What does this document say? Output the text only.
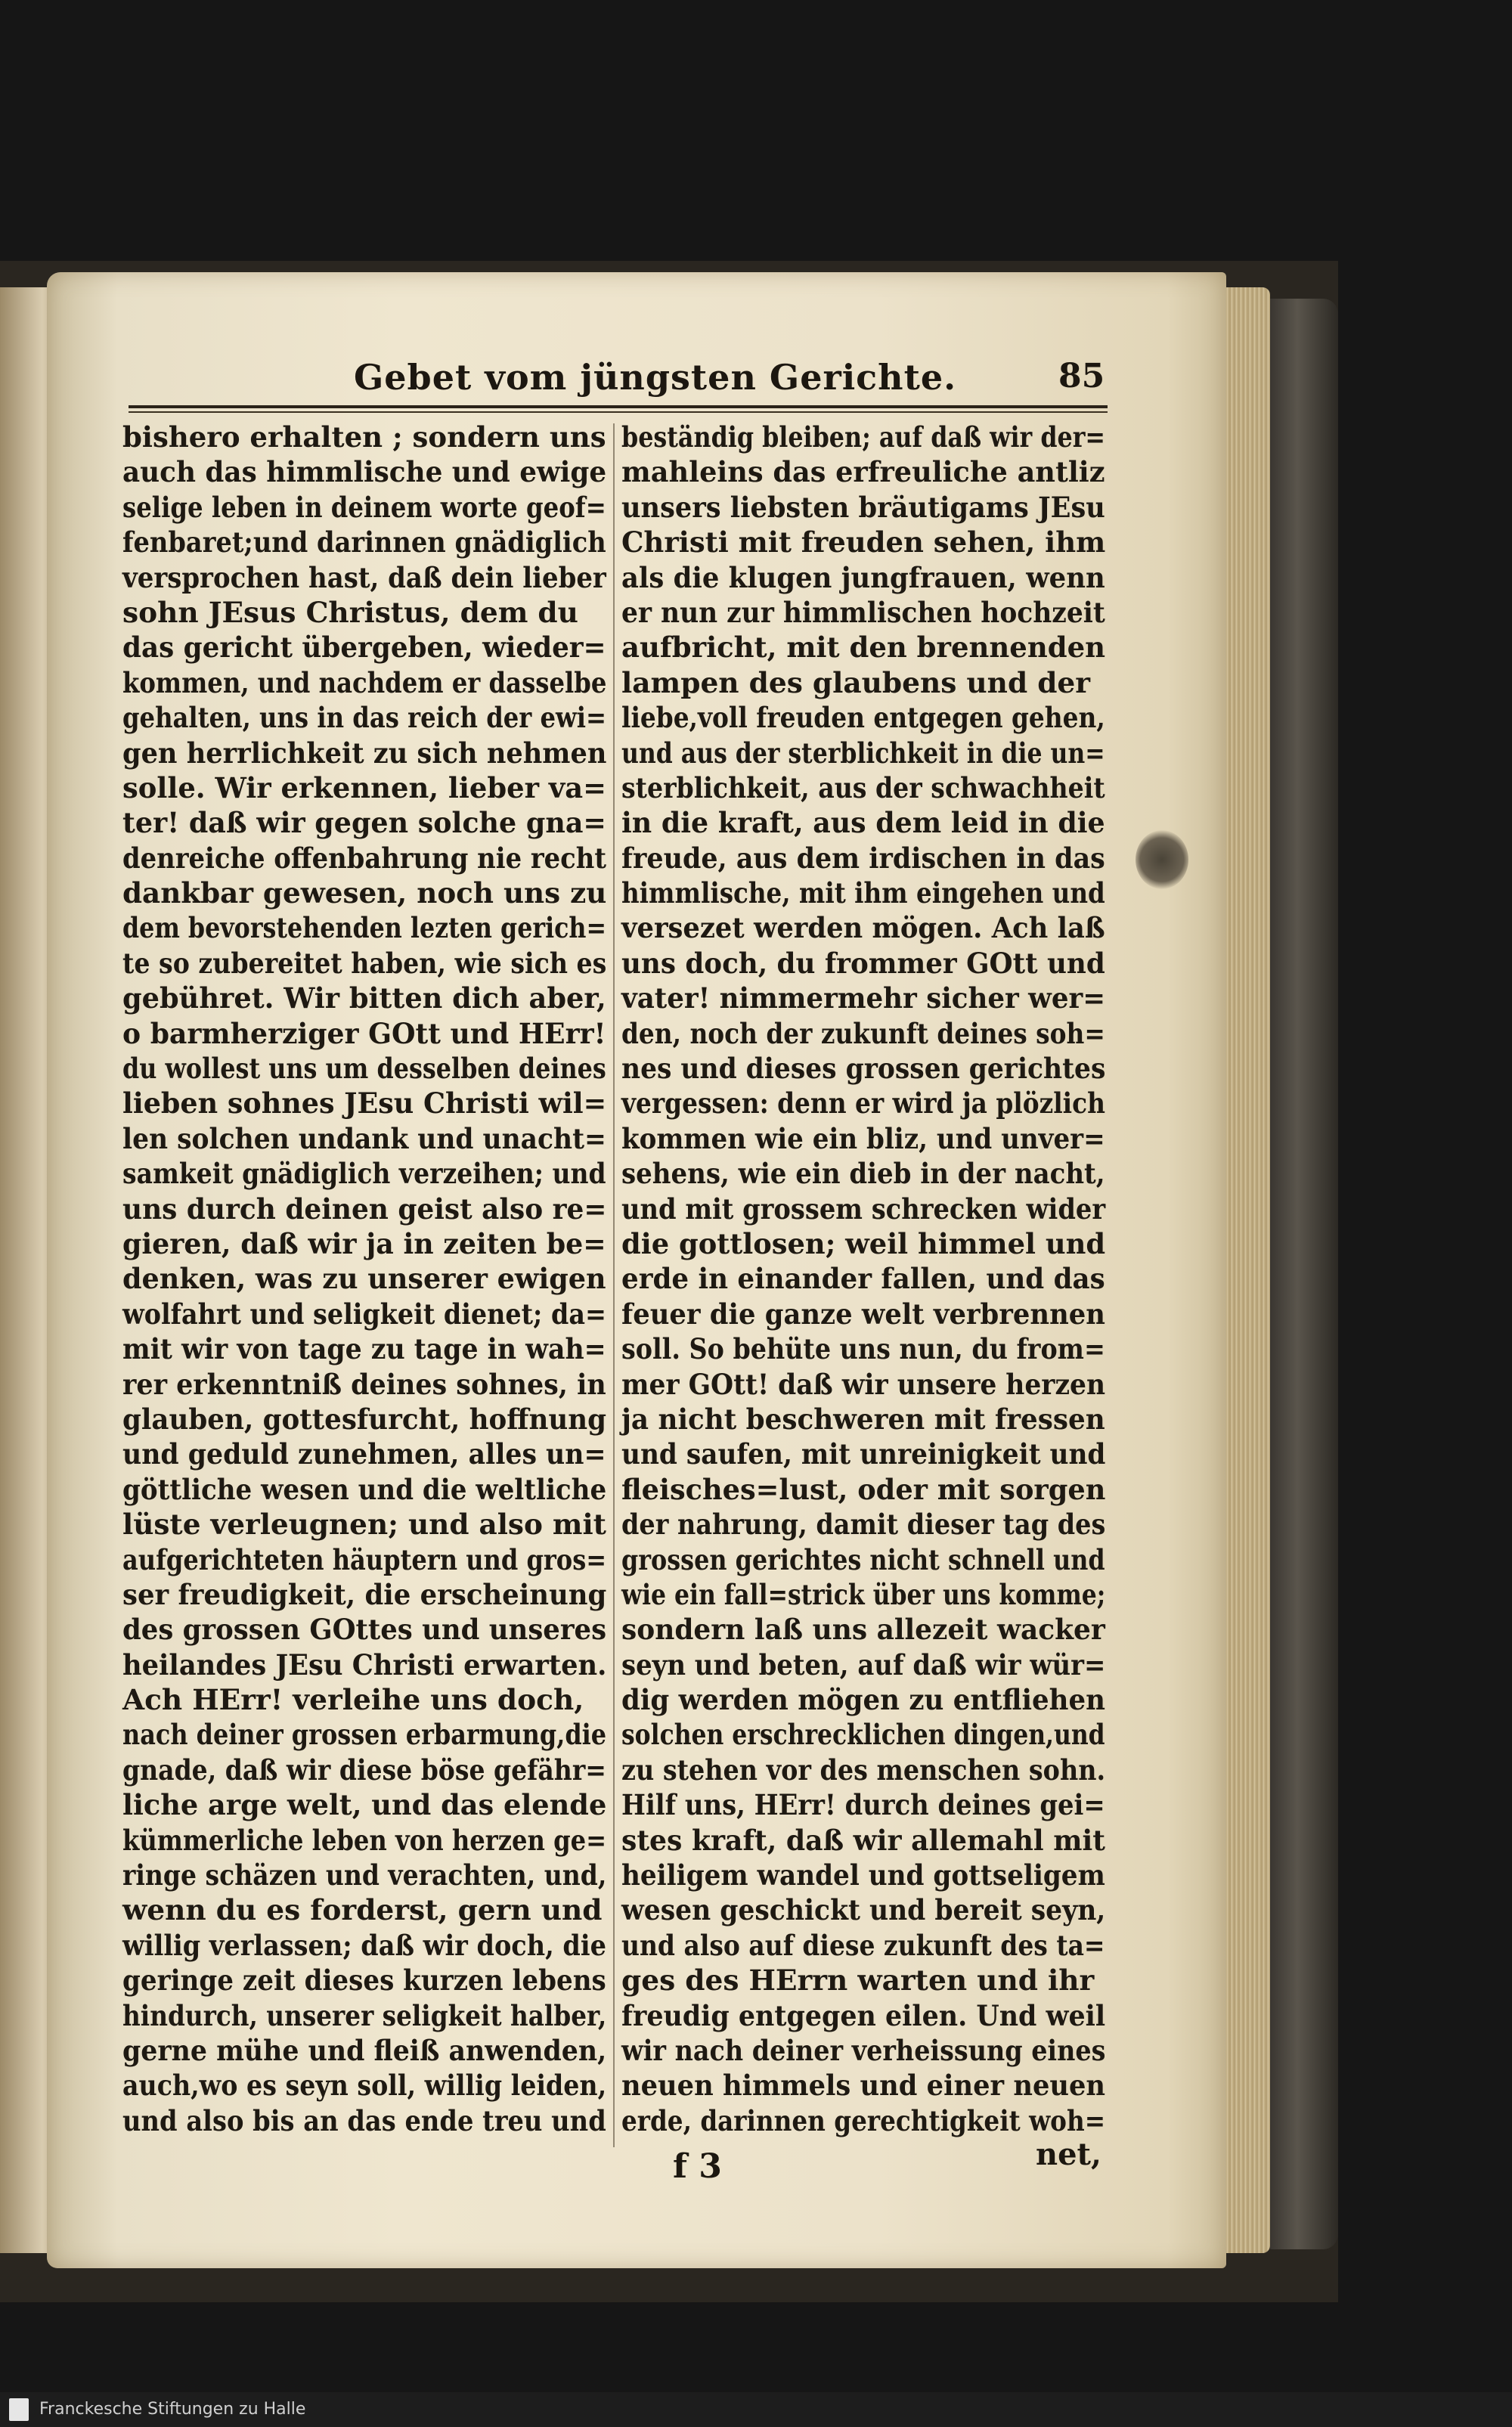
Gebet vom jüngsten Gerichte.	85
bishero erhalten ; sondern uns
auch das himmlische und ewige
selige leben in deinem worte geof=
fenbaret;und darinnen gnädiglich
versprochen hast, daß dein lieber
sohn JEsus Christus, dem du
das gericht übergeben, wieder=
kommen, und nachdem er dasselbe
gehalten, uns in das reich der ewi=
gen herrlichkeit zu sich nehmen
solle. Wir erkennen, lieber va=
ter! daß wir gegen solche gna=
denreiche offenbahrung nie recht
dankbar gewesen, noch uns zu
dem bevorstehenden lezten gerich=
te so zubereitet haben, wie sich es
gebühret. Wir bitten dich aber,
o barmherziger GOtt und HErr!
du wollest uns um desselben deines
lieben sohnes JEsu Christi wil=
len solchen undank und unacht=
samkeit gnädiglich verzeihen; und
uns durch deinen geist also re=
gieren, daß wir ja in zeiten be=
denken, was zu unserer ewigen
wolfahrt und seligkeit dienet; da=
mit wir von tage zu tage in wah=
rer erkenntniß deines sohnes, in
glauben, gottesfurcht, hoffnung
und geduld zunehmen, alles un=
göttliche wesen und die weltliche
lüste verleugnen; und also mit
aufgerichteten häuptern und gros=
ser freudigkeit, die erscheinung
des grossen GOttes und unseres
heilandes JEsu Christi erwarten.
Ach HErr! verleihe uns doch,
nach deiner grossen erbarmung,die
gnade, daß wir diese böse gefähr=
liche arge welt, und das elende
kümmerliche leben von herzen ge=
ringe schäzen und verachten, und,
wenn du es forderst, gern und
willig verlassen; daß wir doch, die
geringe zeit dieses kurzen lebens
hindurch, unserer seligkeit halber,
gerne mühe und fleiß anwenden,
auch,wo es seyn soll, willig leiden,
und also bis an das ende treu und
beständig bleiben; auf daß wir der=
mahleins das erfreuliche antliz
unsers liebsten bräutigams JEsu
Christi mit freuden sehen, ihm
als die klugen jungfrauen, wenn
er nun zur himmlischen hochzeit
aufbricht, mit den brennenden
lampen des glaubens und der
liebe,voll freuden entgegen gehen,
und aus der sterblichkeit in die un=
sterblichkeit, aus der schwachheit
in die kraft, aus dem leid in die
freude, aus dem irdischen in das
himmlische, mit ihm eingehen und
versezet werden mögen. Ach laß
uns doch, du frommer GOtt und
vater! nimmermehr sicher wer=
den, noch der zukunft deines soh=
nes und dieses grossen gerichtes
vergessen: denn er wird ja plözlich
kommen wie ein bliz, und unver=
sehens, wie ein dieb in der nacht,
und mit grossem schrecken wider
die gottlosen; weil himmel und
erde in einander fallen, und das
feuer die ganze welt verbrennen
soll. So behüte uns nun, du from=
mer GOtt! daß wir unsere herzen
ja nicht beschweren mit fressen
und saufen, mit unreinigkeit und
fleisches=lust, oder mit sorgen
der nahrung, damit dieser tag des
grossen gerichtes nicht schnell und
wie ein fall=strick über uns komme;
sondern laß uns allezeit wacker
seyn und beten, auf daß wir wür=
dig werden mögen zu entfliehen
solchen erschrecklichen dingen,und
zu stehen vor des menschen sohn.
Hilf uns, HErr! durch deines gei=
stes kraft, daß wir allemahl mit
heiligem wandel und gottseligem
wesen geschickt und bereit seyn,
und also auf diese zukunft des ta=
ges des HErrn warten und ihr
freudig entgegen eilen. Und weil
wir nach deiner verheissung eines
neuen himmels und einer neuen
erde, darinnen gerechtigkeit woh=
f 3	net,
Franckesche Stiftungen zu Halle
